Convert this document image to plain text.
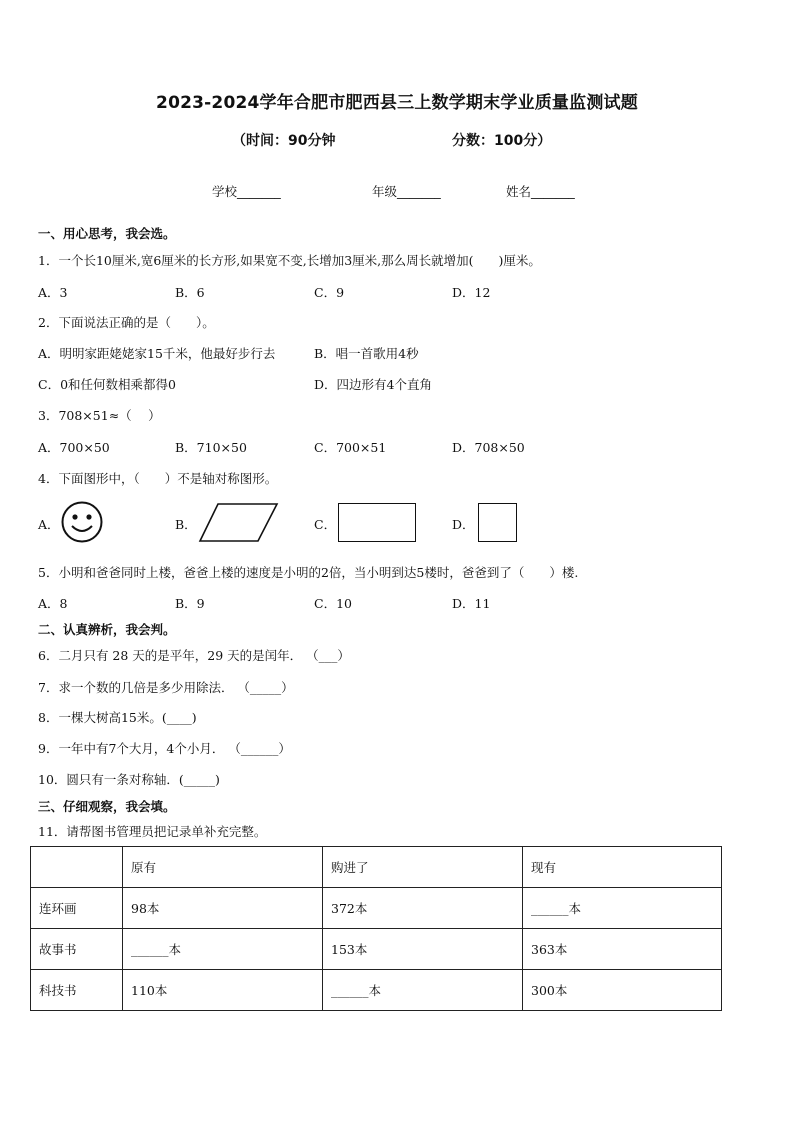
2023-2024学年合肥市肥西县三上数学期末学业质量监测试题
（时间：90分钟	分数：100分）
学校_______	年级_______	姓名_______
一、用心思考，我会选。
1．一个长10厘米,宽6厘米的长方形,如果宽不变,长增加3厘米,那么周长就增加(　　)厘米。
A．3	B．6	C．9	D．12
2．下面说法正确的是（　　）。
A．明明家距姥姥家15千米，他最好步行去	B．唱一首歌用4秒
C．0和任何数相乘都得0	D．四边形有4个直角
3．708×51≈（　 ）
A．700×50	B．710×50	C．700×51	D．708×50
4．下面图形中，（　　）不是轴对称图形。
A．	B．	C．	D．
5．小明和爸爸同时上楼，爸爸上楼的速度是小明的2倍，当小明到达5楼时，爸爸到了（　　）楼.
A．8	B．9	C．10	D．11
二、认真辨析，我会判。
6．二月只有 28 天的是平年，29 天的是闰年． （___）
7．求一个数的几倍是多少用除法． （_____）
8．一棵大树高15米。(____)
9．一年中有7个大月，4个小月． （______）
10．圆只有一条对称轴．(_____)
三、仔细观察，我会填。
11．请帮图书管理员把记录单补充完整。
	原有	购进了	现有
连环画	98本	372本	______本
故事书	______本	153本	363本
科技书	110本	______本	300本
